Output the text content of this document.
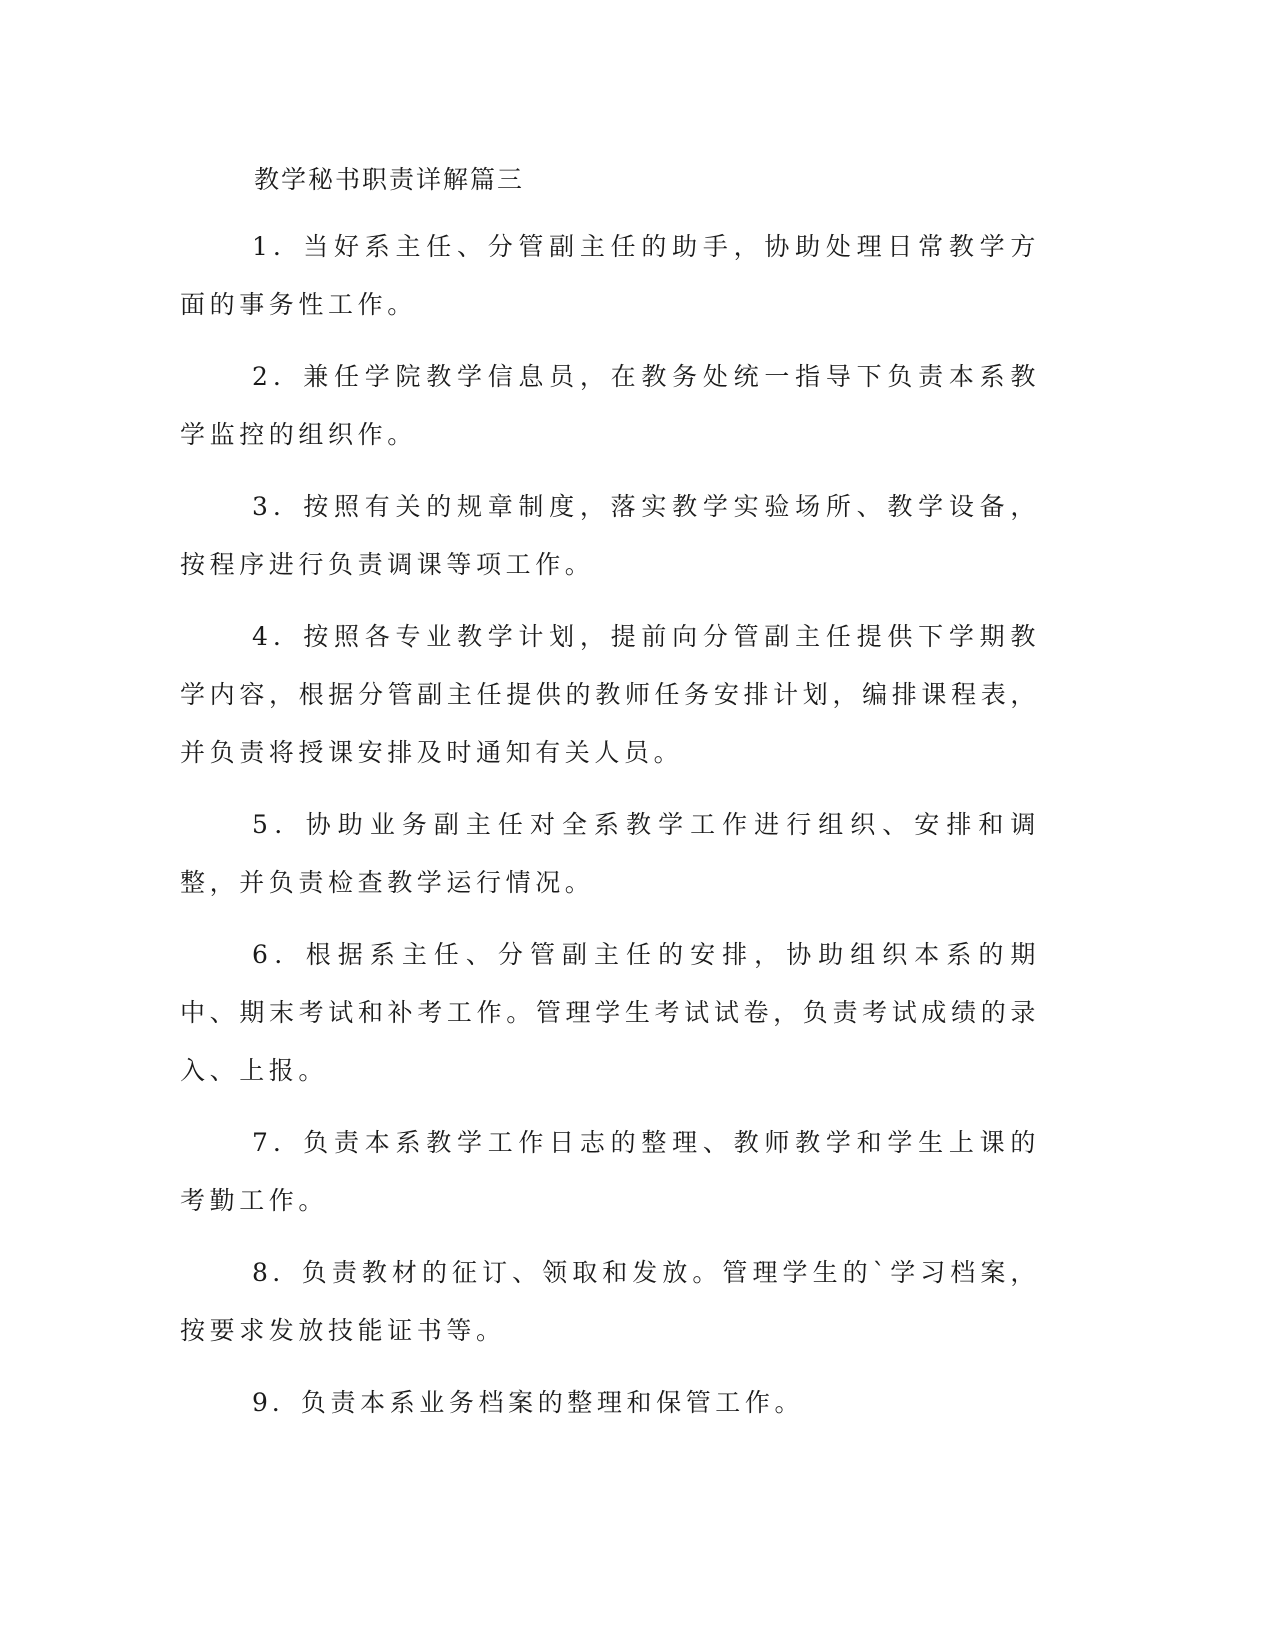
教学秘书职责详解篇三

1．当好系主任、分管副主任的助手，协助处理日常教学方面的事务性工作。

2．兼任学院教学信息员，在教务处统一指导下负责本系教学监控的组织作。

3．按照有关的规章制度，落实教学实验场所、教学设备，按程序进行负责调课等项工作。

4．按照各专业教学计划，提前向分管副主任提供下学期教学内容，根据分管副主任提供的教师任务安排计划，编排课程表，并负责将授课安排及时通知有关人员。

5．协助业务副主任对全系教学工作进行组织、安排和调整，并负责检查教学运行情况。

6．根据系主任、分管副主任的安排，协助组织本系的期中、期末考试和补考工作。管理学生考试试卷，负责考试成绩的录入、上报。

7．负责本系教学工作日志的整理、教师教学和学生上课的考勤工作。

8．负责教材的征订、领取和发放。管理学生的`学习档案，按要求发放技能证书等。

9．负责本系业务档案的整理和保管工作。
